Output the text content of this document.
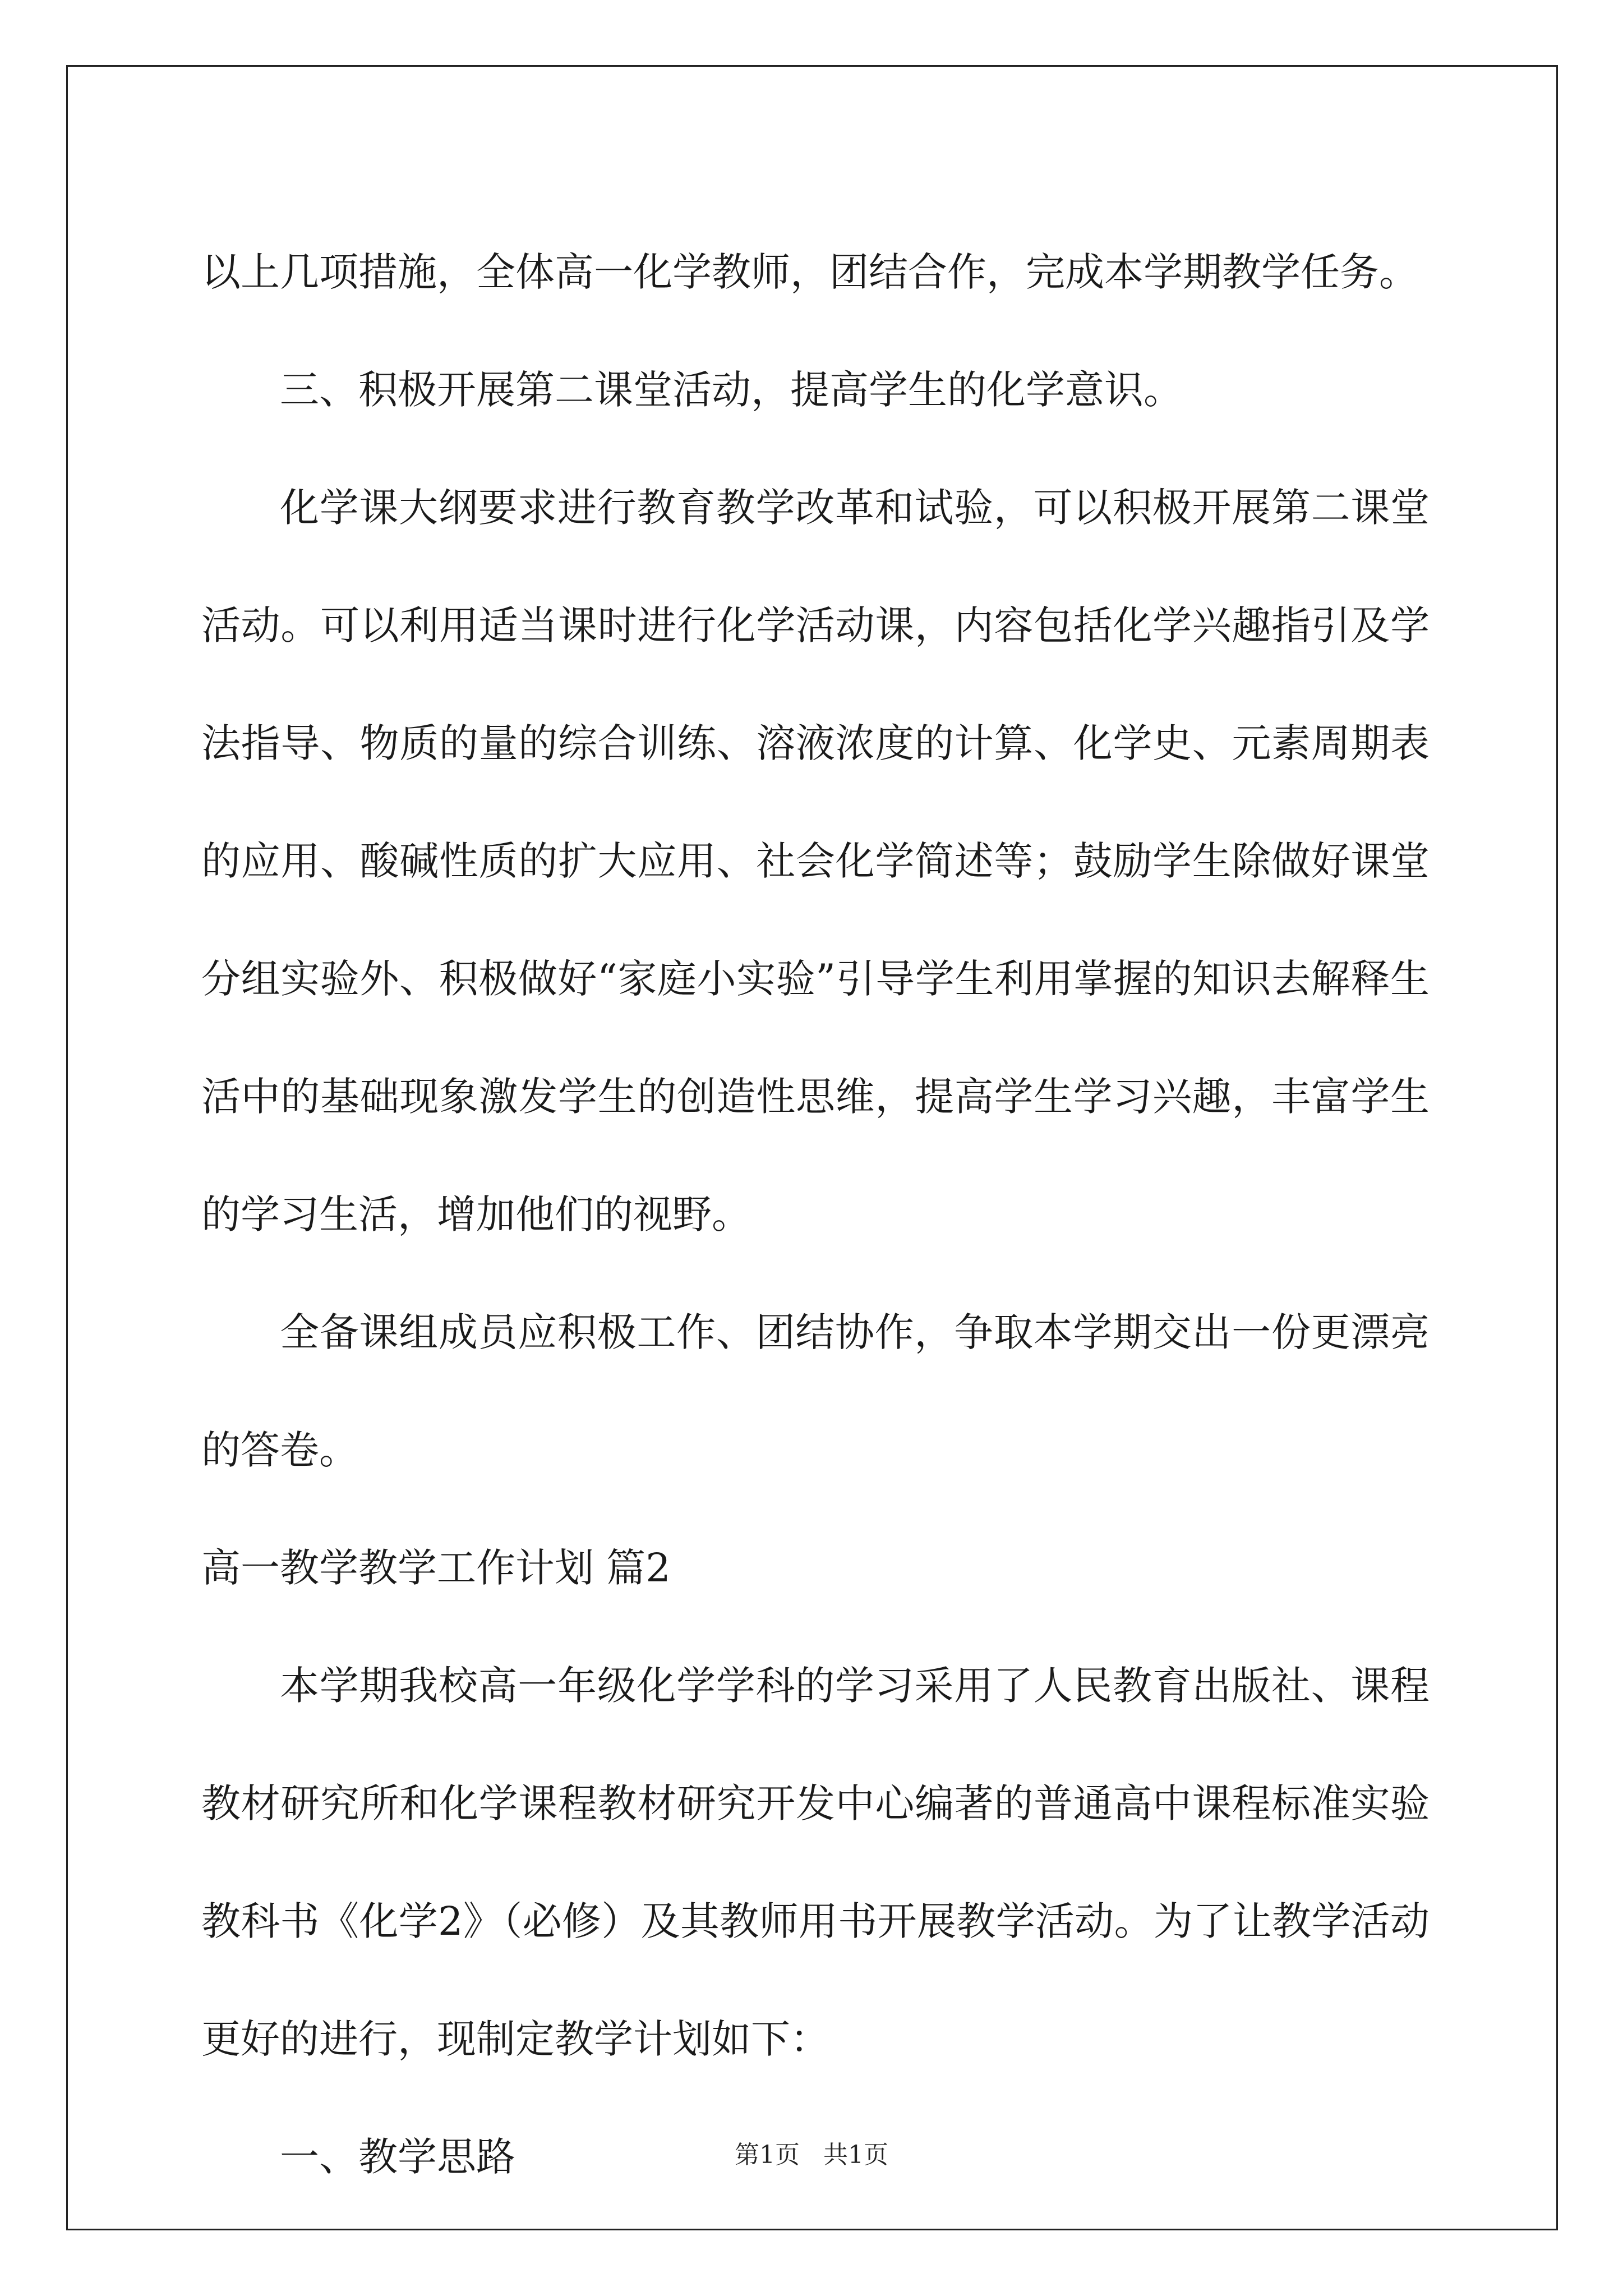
以上几项措施，全体高一化学教师，团结合作，完成本学期教学任务。

三、积极开展第二课堂活动，提高学生的化学意识。

化学课大纲要求进行教育教学改革和试验，可以积极开展第二课堂活动。可以利用适当课时进行化学活动课，内容包括化学兴趣指引及学法指导、物质的量的综合训练、溶液浓度的计算、化学史、元素周期表的应用、酸碱性质的扩大应用、社会化学简述等；鼓励学生除做好课堂分组实验外、积极做好“家庭小实验”引导学生利用掌握的知识去解释生活中的基础现象激发学生的创造性思维，提高学生学习兴趣，丰富学生的学习生活，增加他们的视野。

全备课组成员应积极工作、团结协作，争取本学期交出一份更漂亮的答卷。

高一教学教学工作计划 篇2

本学期我校高一年级化学学科的学习采用了人民教育出版社、课程教材研究所和化学课程教材研究开发中心编著的普通高中课程标准实验教科书《化学2》（必修）及其教师用书开展教学活动。为了让教学活动更好的进行，现制定教学计划如下：

一、教学思路	第1页   共1页
